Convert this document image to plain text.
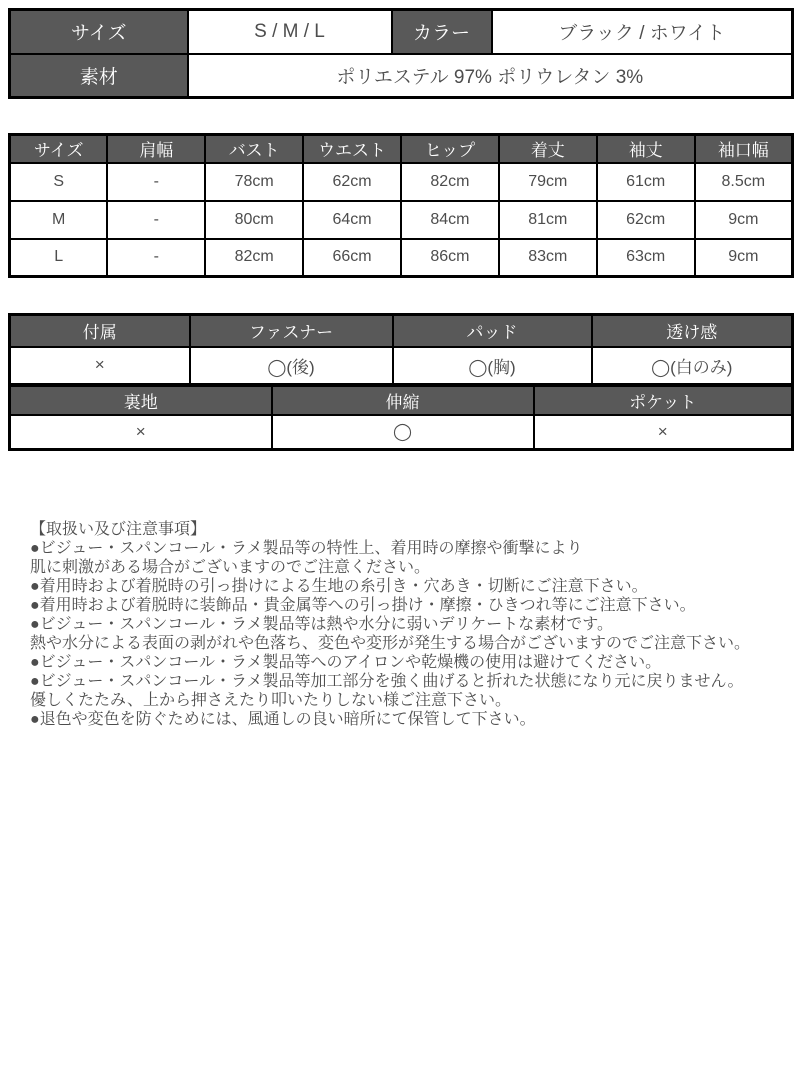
サイズ	S / M / L	カラー	ブラック / ホワイト
素材	ポリエステル 97% ポリウレタン 3%		
サイズ	肩幅	バスト	ウエスト	ヒップ	着丈	袖丈	袖口幅
S	-	78cm	62cm	82cm	79cm	61cm	8.5cm
M	-	80cm	64cm	84cm	81cm	62cm	9cm
L	-	82cm	66cm	86cm	83cm	63cm	9cm
付属	ファスナー	パッド	透け感
×	◯(後)	◯(胸)	◯(白のみ)
裏地	伸縮	ポケット
×	◯	×
【取扱い及び注意事項】
●ビジュー・スパンコール・ラメ製品等の特性上、着用時の摩擦や衝撃により
肌に刺激がある場合がございますのでご注意ください。
●着用時および着脱時の引っ掛けによる生地の糸引き・穴あき・切断にご注意下さい。
●着用時および着脱時に装飾品・貴金属等への引っ掛け・摩擦・ひきつれ等にご注意下さい。
●ビジュー・スパンコール・ラメ製品等は熱や水分に弱いデリケートな素材です。
熱や水分による表面の剥がれや色落ち、変色や変形が発生する場合がございますのでご注意下さい。
●ビジュー・スパンコール・ラメ製品等へのアイロンや乾燥機の使用は避けてください。
●ビジュー・スパンコール・ラメ製品等加工部分を強く曲げると折れた状態になり元に戻りません。
優しくたたみ、上から押さえたり叩いたりしない様ご注意下さい。
●退色や変色を防ぐためには、風通しの良い暗所にて保管して下さい。
